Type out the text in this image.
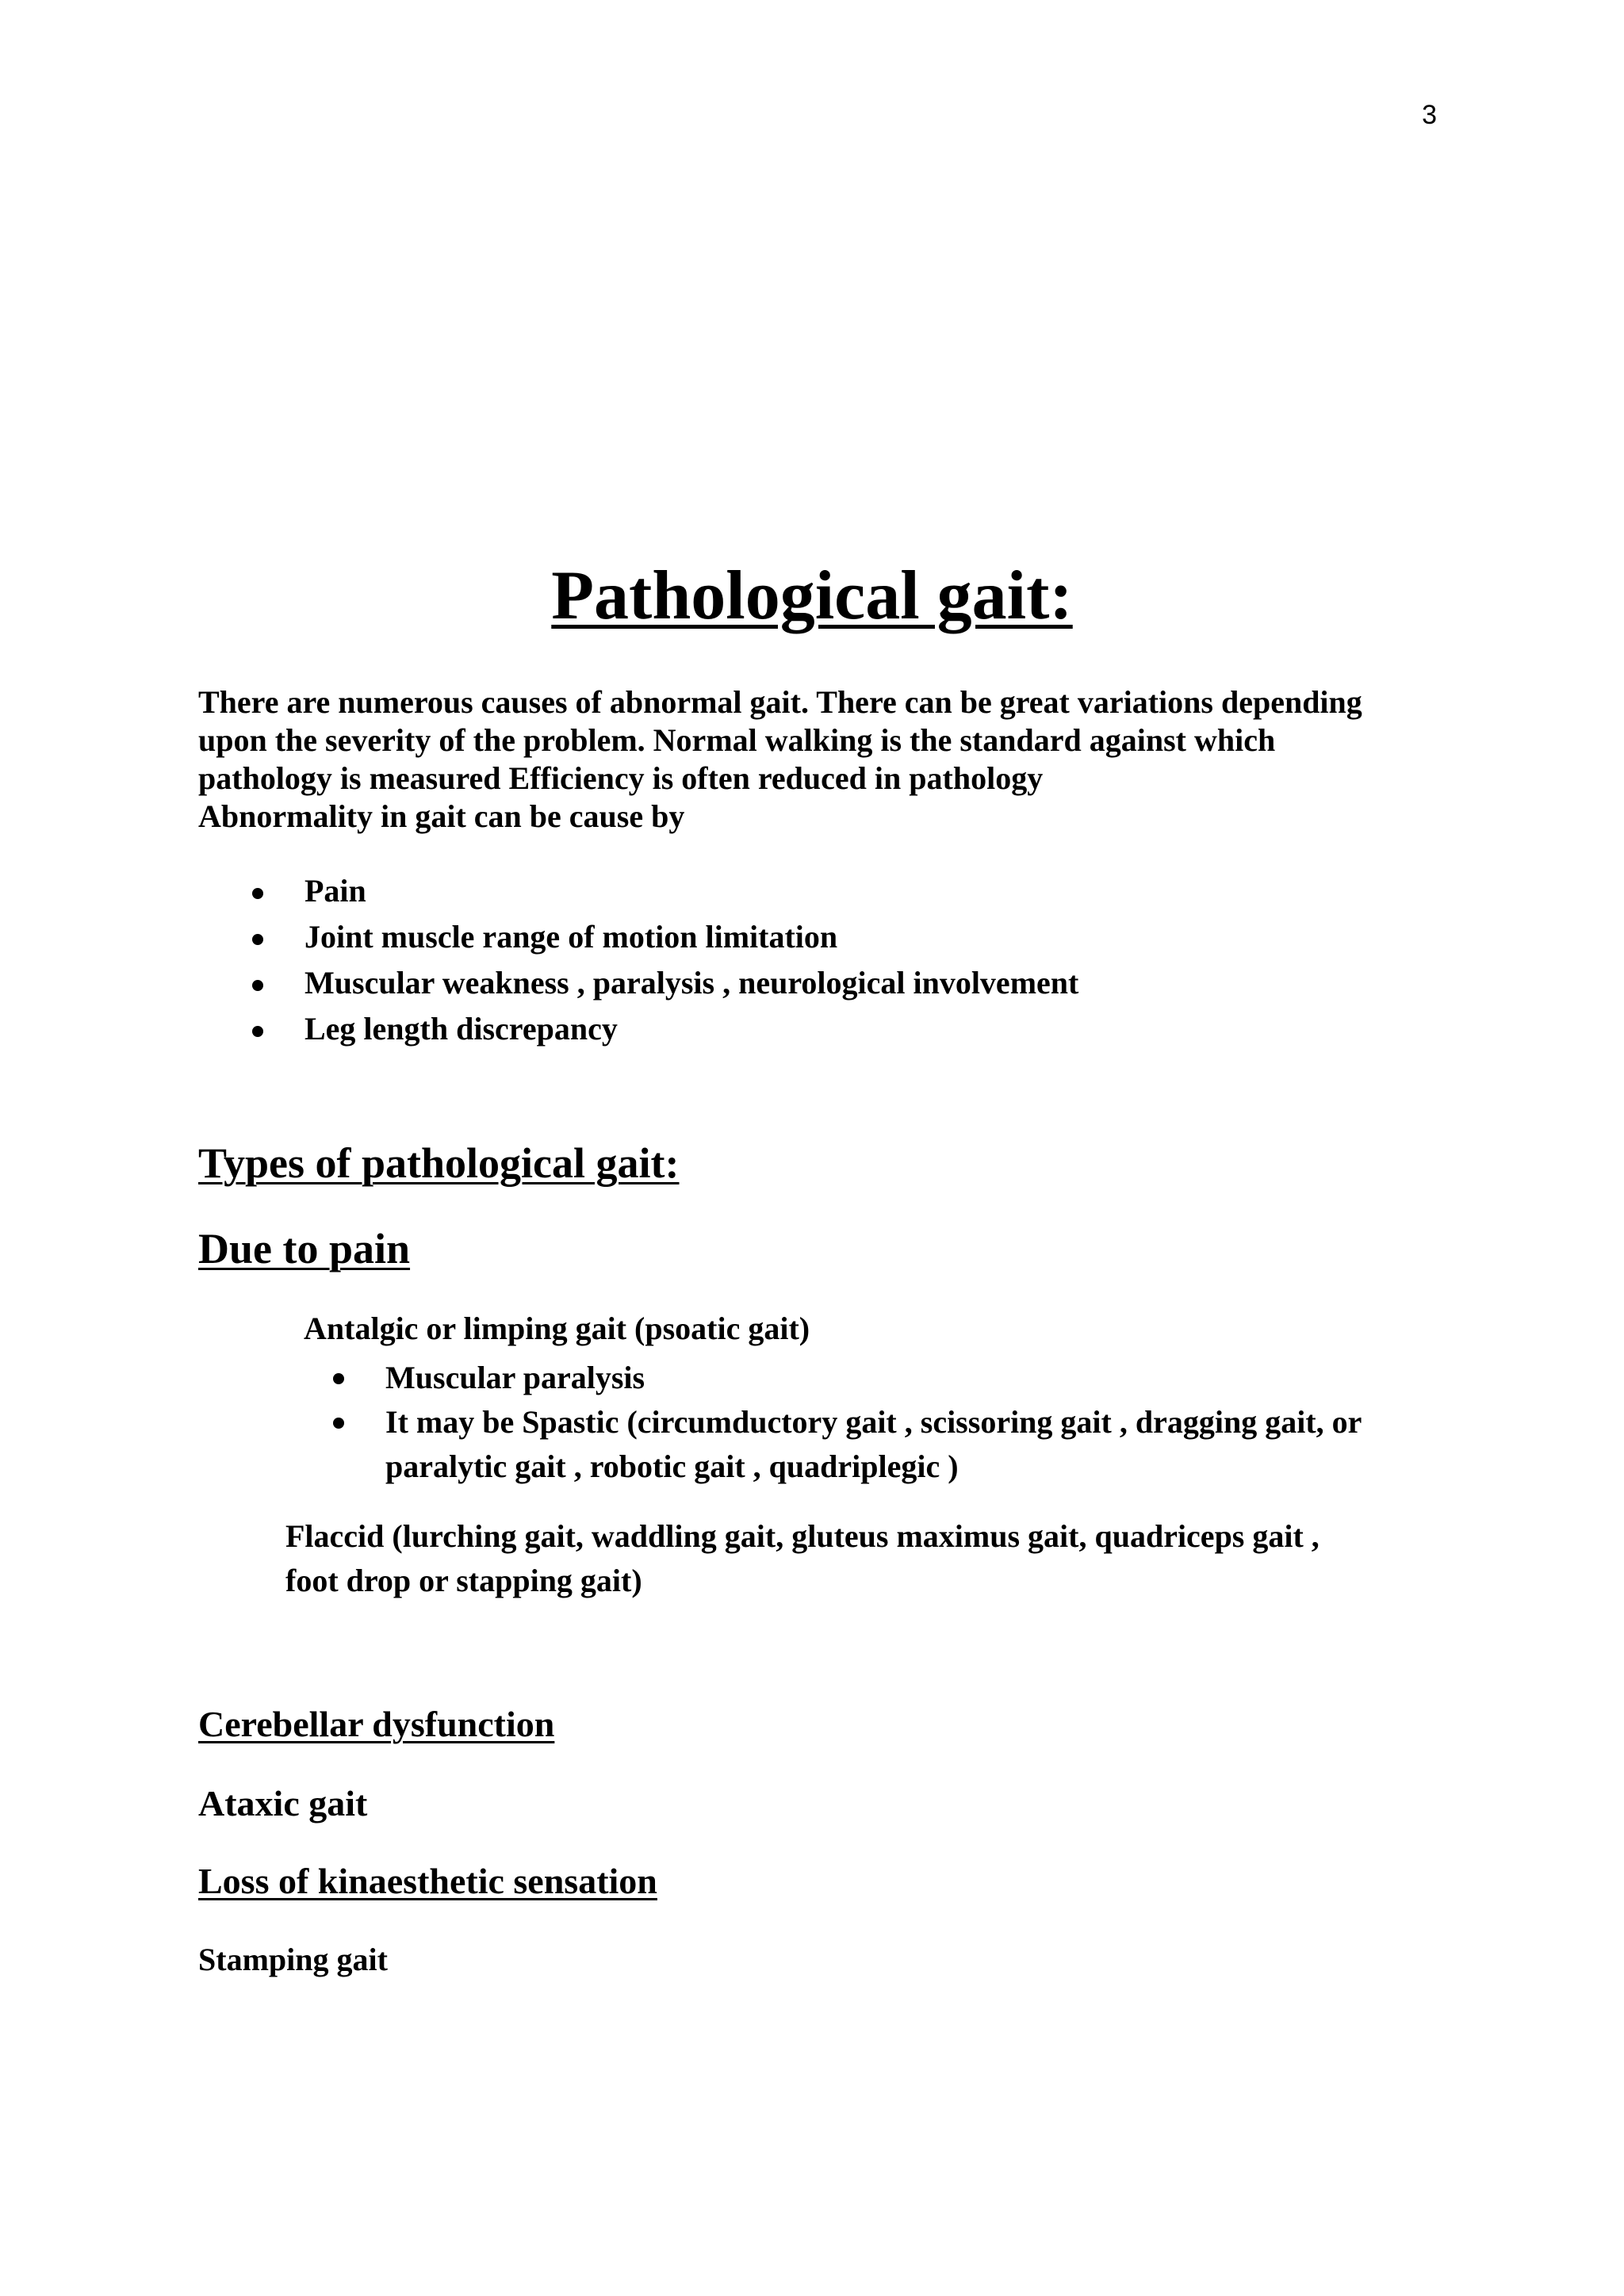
3
Pathological gait:
There are numerous causes of abnormal gait. There can be great variations depending
upon the severity of the problem. Normal walking is the standard against which
pathology is measured Efficiency is often reduced in pathology
Abnormality in gait can be cause by
Pain
Joint muscle range of motion limitation
Muscular weakness , paralysis , neurological involvement
Leg length discrepancy
Types of pathological gait:
Due to pain

Antalgic or limping gait (psoatic gait)

Muscular paralysis
It may be Spastic (circumductory gait , scissoring gait , dragging gait, or
paralytic gait , robotic gait , quadriplegic )
Flaccid (lurching gait, waddling gait, gluteus maximus gait, quadriceps gait ,
foot drop or stapping gait)
Cerebellar dysfunction

Ataxic gait

Loss of kinaesthetic sensation

Stamping gait
